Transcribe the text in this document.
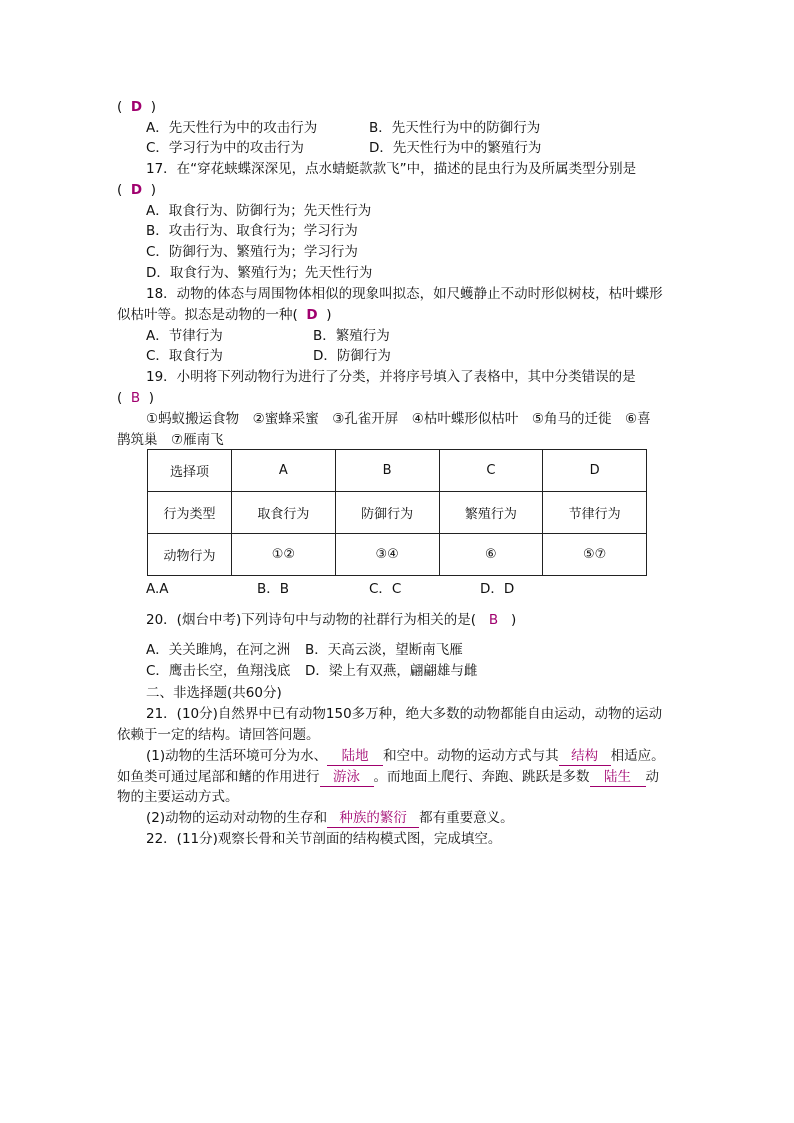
( D )
A．先天性行为中的攻击行为	B．先天性行为中的防御行为
C．学习行为中的攻击行为	D．先天性行为中的繁殖行为
17．在“穿花蛱蝶深深见，点水蜻蜓款款飞”中，描述的昆虫行为及所属类型分别是
( D )
A．取食行为、防御行为；先天性行为
B．攻击行为、取食行为；学习行为
C．防御行为、繁殖行为；学习行为
D．取食行为、繁殖行为；先天性行为
18．动物的体态与周围物体相似的现象叫拟态，如尺蠖静止不动时形似树枝，枯叶蝶形
似枯叶等。拟态是动物的一种( D )
A．节律行为	B．繁殖行为
C．取食行为	D．防御行为
19．小明将下列动物行为进行了分类，并将序号填入了表格中，其中分类错误的是
( B )
①蚂蚁搬运食物　②蜜蜂采蜜　③孔雀开屏　④枯叶蝶形似枯叶　⑤角马的迁徙　⑥喜
鹊筑巢　⑦雁南飞
选择项	A	B	C	D
行为类型	取食行为	防御行为	繁殖行为	节律行为
动物行为	①②	③④	⑥	⑤⑦
A.A	B．B	C．C	D．D
20．(烟台中考)下列诗句中与动物的社群行为相关的是( B )
A．关关雎鸠，在河之洲 B．天高云淡，望断南飞雁
C．鹰击长空，鱼翔浅底 D．梁上有双燕，翩翩雄与雌
二、非选择题(共60分)
21．(10分)自然界中已有动物150多万种，绝大多数的动物都能自由运动，动物的运动
依赖于一定的结构。请回答问题。
(1)动物的生活环境可分为水、 陆地 和空中。动物的运动方式与其 结构 相适应。
如鱼类可通过尾部和鳍的作用进行 游泳 。而地面上爬行、奔跑、跳跃是多数 陆生 动
物的主要运动方式。
(2)动物的运动对动物的生存和 种族的繁衍 都有重要意义。
22．(11分)观察长骨和关节剖面的结构模式图，完成填空。
